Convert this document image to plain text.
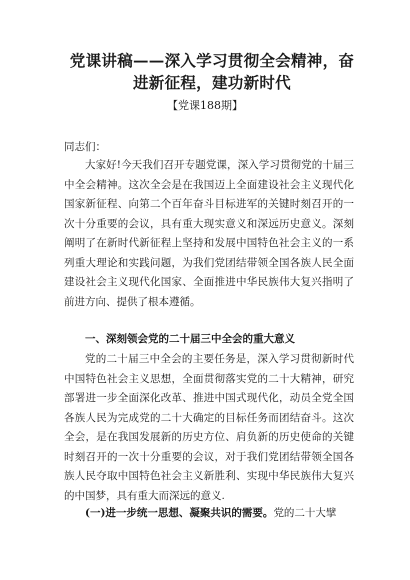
党课讲稿——深入学习贯彻全会精神，奋进新征程，建功新时代
【党课188期】
同志们：

大家好!今天我们召开专题党课，深入学习贯彻党的十届三中全会精神。这次全会是在我国迈上全面建设社会主义现代化国家新征程、向第二个百年奋斗目标进军的关键时刻召开的一次十分重要的会议，具有重大现实意义和深远历史意义。深刻阐明了在新时代新征程上坚持和发展中国特色社会主义的一系列重大理论和实践问题，为我们党团结带领全国各族人民全面建设社会主义现代化国家、全面推进中华民族伟大复兴指明了前进方向、提供了根本遵循。

一、深刻领会党的二十届三中全会的重大意义

党的二十届三中全会的主要任务是，深入学习贯彻新时代中国特色社会主义思想，全面贯彻落实党的二十大精神，研究部署进一步全面深化改革、推进中国式现代化，动员全党全国各族人民为完成党的二十大确定的目标任务而团结奋斗。这次全会，是在我国发展新的历史方位、肩负新的历史使命的关键时刻召开的一次十分重要的会议，对于我们党团结带领全国各族人民夺取中国特色社会主义新胜利、实现中华民族伟大复兴的中国梦，具有重大而深远的意义.

(一)进一步统一思想、凝聚共识的需要。党的二十大擘
